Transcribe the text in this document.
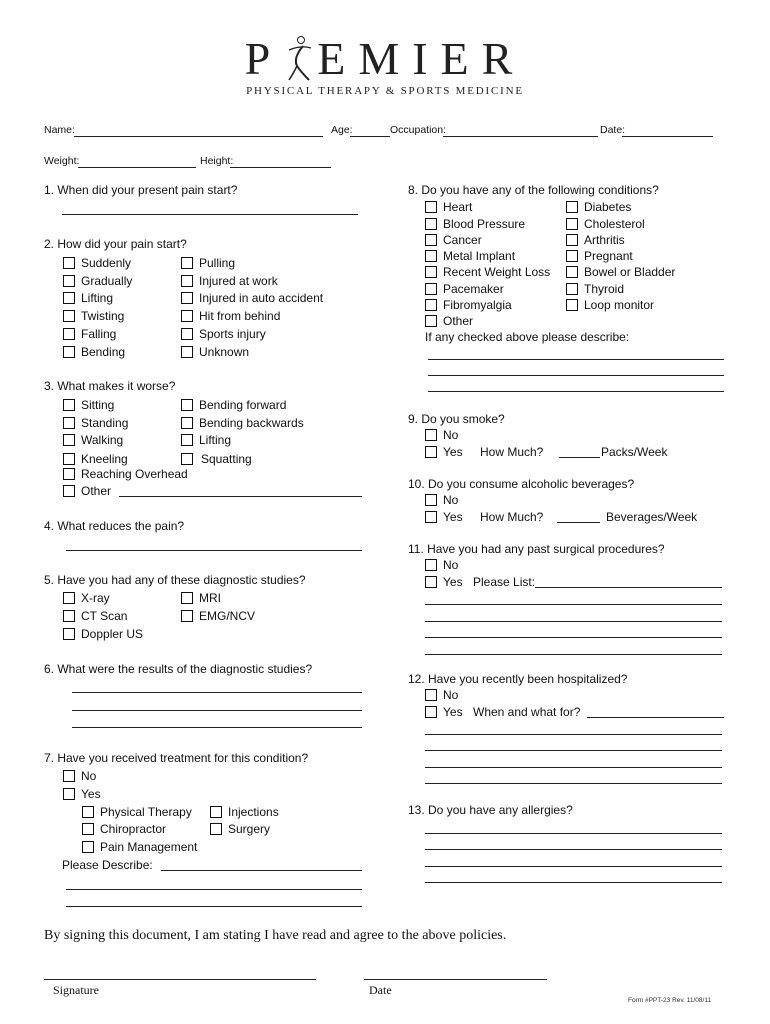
P EMIER
PHYSICAL THERAPY & SPORTS MEDICINE
Name:	Age:	Occupation:	Date:
Weight:	Height:
1. When did your present pain start?
2. How did your pain start?
Suddenly
Gradually
Lifting
Twisting
Falling
Bending
Pulling
Injured at work
Injured in auto accident
Hit from behind
Sports injury
Unknown
3. What makes it worse?
Sitting
Standing
Walking
Kneeling
Bending forward
Bending backwards
Lifting
Squatting
Reaching Overhead
Other
4. What reduces the pain?
5. Have you had any of these diagnostic studies?
X-ray
CT Scan
Doppler US
MRI
EMG/NCV
6. What were the results of the diagnostic studies?
7. Have you received treatment for this condition?
No
Yes
Physical Therapy
Chiropractor
Pain Management
Injections
Surgery
Please Describe:
8. Do you have any of the following conditions?
Heart
Blood Pressure
Cancer
Metal Implant
Recent Weight Loss
Pacemaker
Fibromyalgia
Other
Diabetes
Cholesterol
Arthritis
Pregnant
Bowel or Bladder
Thyroid
Loop monitor
If any checked above please describe:
9. Do you smoke?
No
Yes How Much?	Packs/Week
10. Do you consume alcoholic beverages?
No
Yes How Much?	Beverages/Week
11. Have you had any past surgical procedures?
No
Yes Please List:
12. Have you recently been hospitalized?
No
Yes When and what for?
13. Do you have any allergies?
By signing this document, I am stating I have read and agree to the above policies.
Signature	Date
Form #PPT-23 Rev. 11/08/11
